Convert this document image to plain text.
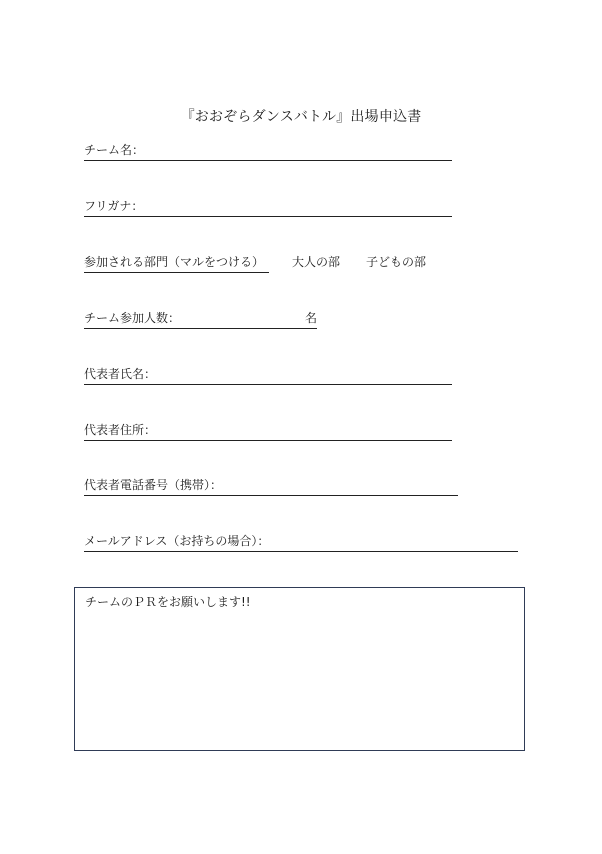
『おおぞらダンスバトル』出場申込書
チーム名：
フリガナ：
参加される部門（マルをつける）	大人の部 子どもの部
チーム参加人数：	名
代表者氏名：
代表者住所：
代表者電話番号（携帯）：
メールアドレス（お持ちの場合）：
チームのＰＲをお願いします!!
